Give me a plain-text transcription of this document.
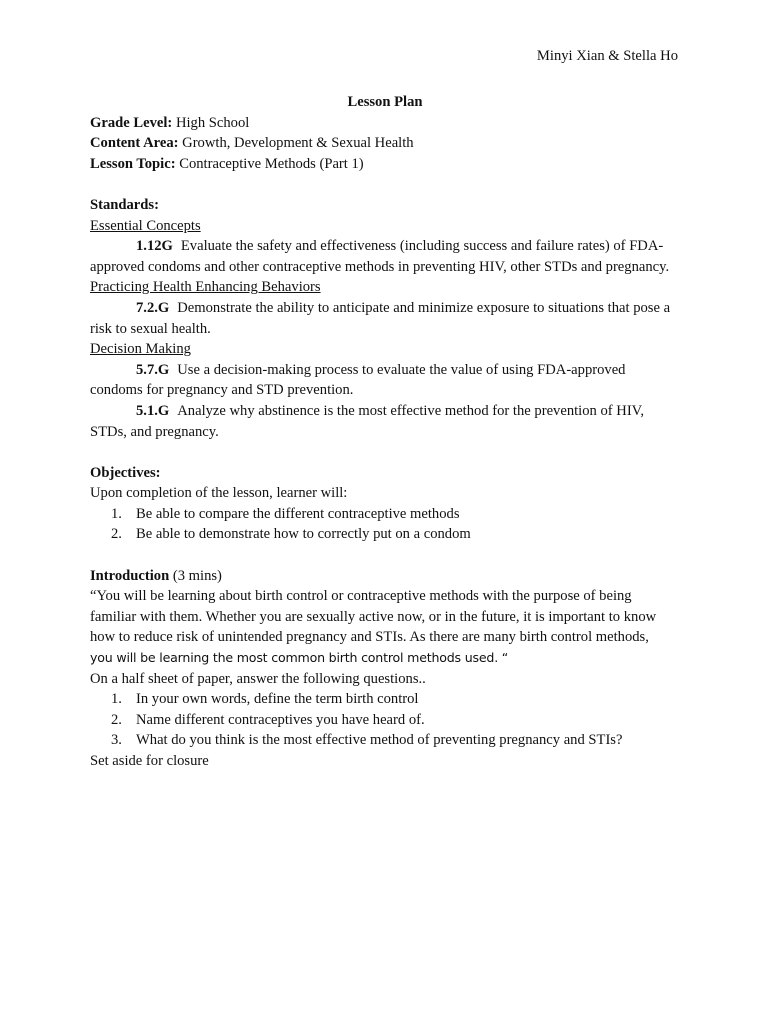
Minyi Xian & Stella Ho
Lesson Plan
Grade Level: High School
Content Area: Growth, Development & Sexual Health
Lesson Topic: Contraceptive Methods (Part 1)
Standards:
Essential Concepts
1.12G Evaluate the safety and effectiveness (including success and failure rates) of FDA-approved condoms and other contraceptive methods in preventing HIV, other STDs and pregnancy.
Practicing Health Enhancing Behaviors
7.2.G Demonstrate the ability to anticipate and minimize exposure to situations that pose a risk to sexual health.
Decision Making
5.7.G Use a decision-making process to evaluate the value of using FDA-approved condoms for pregnancy and STD prevention.
5.1.G Analyze why abstinence is the most effective method for the prevention of HIV, STDs, and pregnancy.
Objectives:
Upon completion of the lesson, learner will:
1. Be able to compare the different contraceptive methods
2. Be able to demonstrate how to correctly put on a condom
Introduction (3 mins)
“You will be learning about birth control or contraceptive methods with the purpose of being familiar with them. Whether you are sexually active now, or in the future, it is important to know how to reduce risk of unintended pregnancy and STIs. As there are many birth control methods,
you will be learning the most common birth control methods used. “
On a half sheet of paper, answer the following questions..
1. In your own words, define the term birth control
2. Name different contraceptives you have heard of.
3. What do you think is the most effective method of preventing pregnancy and STIs?
Set aside for closure
